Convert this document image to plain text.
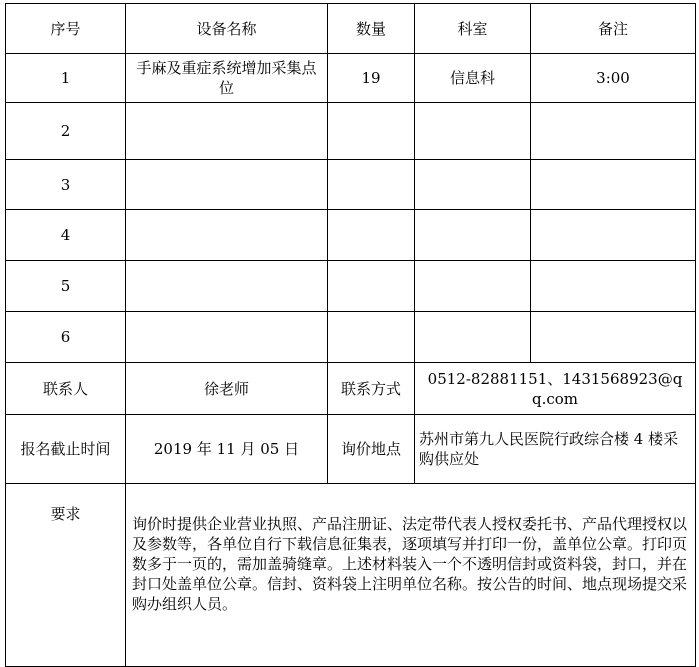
序号	设备名称	数量	科室	备注
1	手麻及重症系统增加采集点位	19	信息科	3:00
2				
3				
4				
5				
6				
联系人	徐老师	联系方式	0512-82881151、1431568923@q q.com	
报名截止时间	2019 年 11 月 05 日	询价地点	苏州市第九人民医院行政综合楼 4 楼采购供应处	
要求	询价时提供企业营业执照、产品注册证、法定带代表人授权委托书、产品代理授权以及参数等，各单位自行下载信息征集表，逐项填写并打印一份，盖单位公章。打印页数多于一页的，需加盖骑缝章。上述材料装入一个不透明信封或资料袋，封口，并在封口处盖单位公章。信封、资料袋上注明单位名称。按公告的时间、地点现场提交采购办组织人员。			
